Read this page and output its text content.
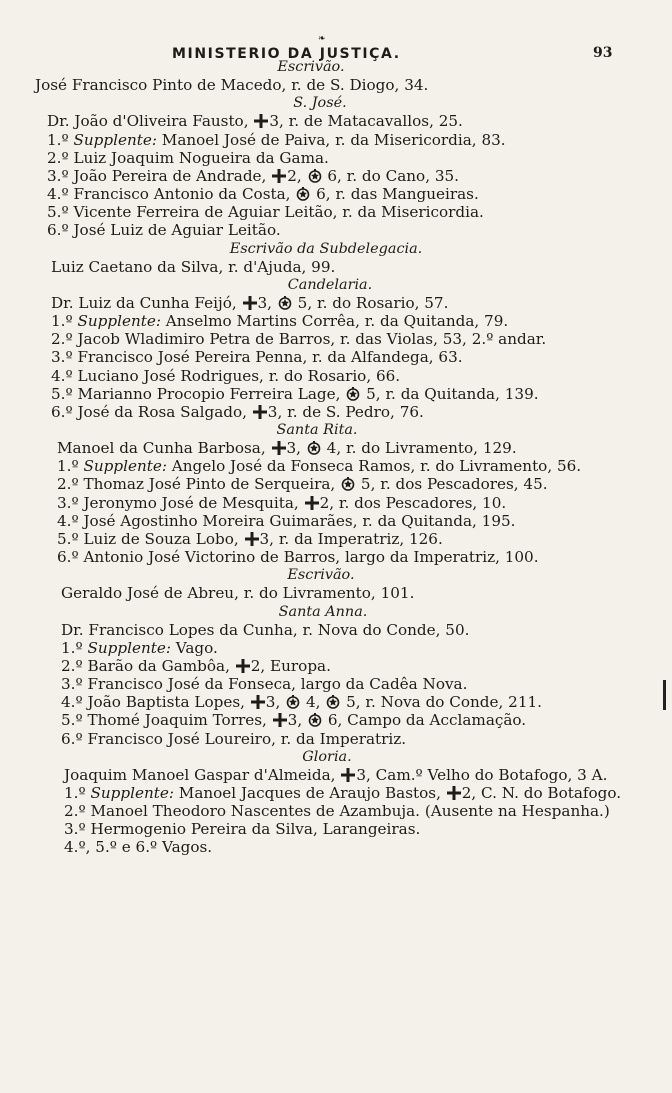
❧
MINISTERIO DA JUSTIÇA.	93
Escrivão.
José Francisco Pinto de Macedo, r. de S. Diogo, 34.
S. José.
Dr. João d'Oliveira Fausto, 3, r. de Matacavallos, 25.
1.º Supplente: Manoel José de Paiva, r. da Misericordia, 83.
2.º Luiz Joaquim Nogueira da Gama.
3.º João Pereira de Andrade, 2,  6, r. do Cano, 35.
4.º Francisco Antonio da Costa,  6, r. das Mangueiras.
5.º Vicente Ferreira de Aguiar Leitão, r. da Misericordia.
6.º José Luiz de Aguiar Leitão.
Escrivão da Subdelegacia.
Luiz Caetano da Silva, r. d'Ajuda, 99.
Candelaria.
Dr. Luiz da Cunha Feijó, 3,  5, r. do Rosario, 57.
1.º Supplente: Anselmo Martins Corrêa, r. da Quitanda, 79.
2.º Jacob Wladimiro Petra de Barros, r. das Violas, 53, 2.º andar.
3.º Francisco José Pereira Penna, r. da Alfandega, 63.
4.º Luciano José Rodrigues, r. do Rosario, 66.
5.º Marianno Procopio Ferreira Lage,  5, r. da Quitanda, 139.
6.º José da Rosa Salgado, 3, r. de S. Pedro, 76.
Santa Rita.
Manoel da Cunha Barbosa, 3,  4, r. do Livramento, 129.
1.º Supplente: Angelo José da Fonseca Ramos, r. do Livramento, 56.
2.º Thomaz José Pinto de Serqueira,  5, r. dos Pescadores, 45.
3.º Jeronymo José de Mesquita, 2, r. dos Pescadores, 10.
4.º José Agostinho Moreira Guimarães, r. da Quitanda, 195.
5.º Luiz de Souza Lobo, 3, r. da Imperatriz, 126.
6.º Antonio José Victorino de Barros, largo da Imperatriz, 100.
Escrivão.
Geraldo José de Abreu, r. do Livramento, 101.
Santa Anna.
Dr. Francisco Lopes da Cunha, r. Nova do Conde, 50.
1.º Supplente: Vago.
2.º Barão da Gambôa, 2, Europa.
3.º Francisco José da Fonseca, largo da Cadêa Nova.
4.º João Baptista Lopes, 3,  4,  5, r. Nova do Conde, 211.
5.º Thomé Joaquim Torres, 3,  6, Campo da Acclamação.
6.º Francisco José Loureiro, r. da Imperatriz.
Gloria.
Joaquim Manoel Gaspar d'Almeida, 3, Cam.º Velho do Botafogo, 3 A.
1.º Supplente: Manoel Jacques de Araujo Bastos, 2, C. N. do Botafogo.
2.º Manoel Theodoro Nascentes de Azambuja. (Ausente na Hespanha.)
3.º Hermogenio Pereira da Silva, Larangeiras.
4.º, 5.º e 6.º Vagos.
